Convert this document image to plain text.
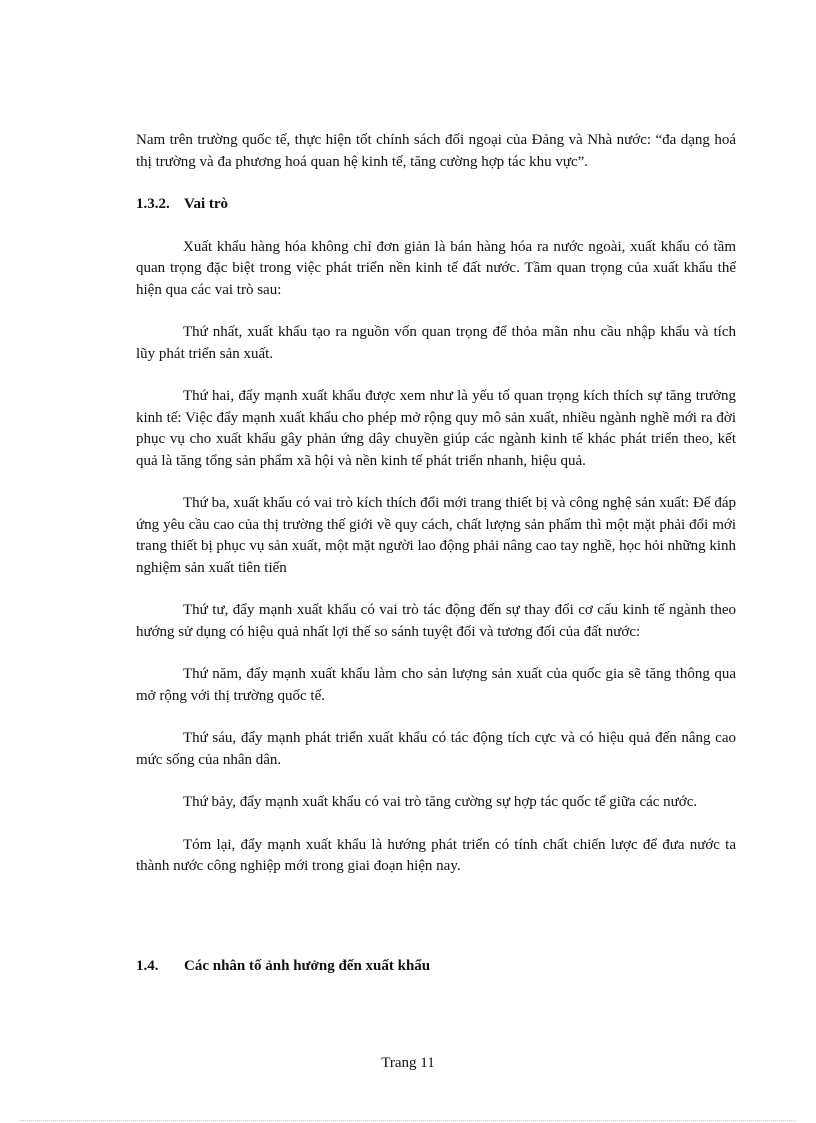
Nam trên trường quốc tế, thực hiện tốt chính sách đối ngoại của Đảng và Nhà nước: “đa dạng hoá thị trường và đa phương hoá quan hệ kinh tế, tăng cường hợp tác khu vực”.

1.3.2. Vai trò

Xuất khẩu hàng hóa không chỉ đơn giản là bán hàng hóa ra nước ngoài, xuất khẩu có tầm quan trọng đặc biệt trong việc phát triển nền kinh tế đất nước. Tầm quan trọng của xuất khẩu thể hiện qua các vai trò sau:

Thứ nhất, xuất khẩu tạo ra nguồn vốn quan trọng để thỏa mãn nhu cầu nhập khẩu và tích lũy phát triển sản xuất.

Thứ hai, đẩy mạnh xuất khẩu được xem như là yếu tố quan trọng kích thích sự tăng trưởng kinh tế: Việc đẩy mạnh xuất khẩu cho phép mở rộng quy mô sản xuất, nhiều ngành nghề mới ra đời phục vụ cho xuất khẩu gây phản ứng dây chuyền giúp các ngành kinh tế khác phát triển theo, kết quả là tăng tổng sản phẩm xã hội và nền kinh tế phát triển nhanh, hiệu quả.

Thứ ba, xuất khẩu có vai trò kích thích đổi mới trang thiết bị và công nghệ sản xuất: Để đáp ứng yêu cầu cao của thị trường thế giới về quy cách, chất lượng sản phẩm thì một mặt phải đổi mới trang thiết bị phục vụ sản xuất, một mặt người lao động phải nâng cao tay nghề, học hỏi những kinh nghiệm sản xuất tiên tiến

Thứ tư, đẩy mạnh xuất khẩu có vai trò tác động đến sự thay đổi cơ cấu kinh tế ngành theo hướng sử dụng có hiệu quả nhất lợi thế so sánh tuyệt đối và tương đối của đất nước:

Thứ năm, đẩy mạnh xuất khẩu làm cho sản lượng sản xuất của quốc gia sẽ tăng thông qua mở rộng với thị trường quốc tế.

Thứ sáu, đẩy mạnh phát triển xuất khẩu có tác động tích cực và có hiệu quả đến nâng cao mức sống của nhân dân.

Thứ bảy, đẩy mạnh xuất khẩu có vai trò tăng cường sự hợp tác quốc tế giữa các nước.

Tóm lại, đẩy mạnh xuất khẩu là hướng phát triển có tính chất chiến lược để đưa nước ta thành nước công nghiệp mới trong giai đoạn hiện nay.

1.4. Các nhân tố ảnh hưởng đến xuất khẩu
Trang 11
